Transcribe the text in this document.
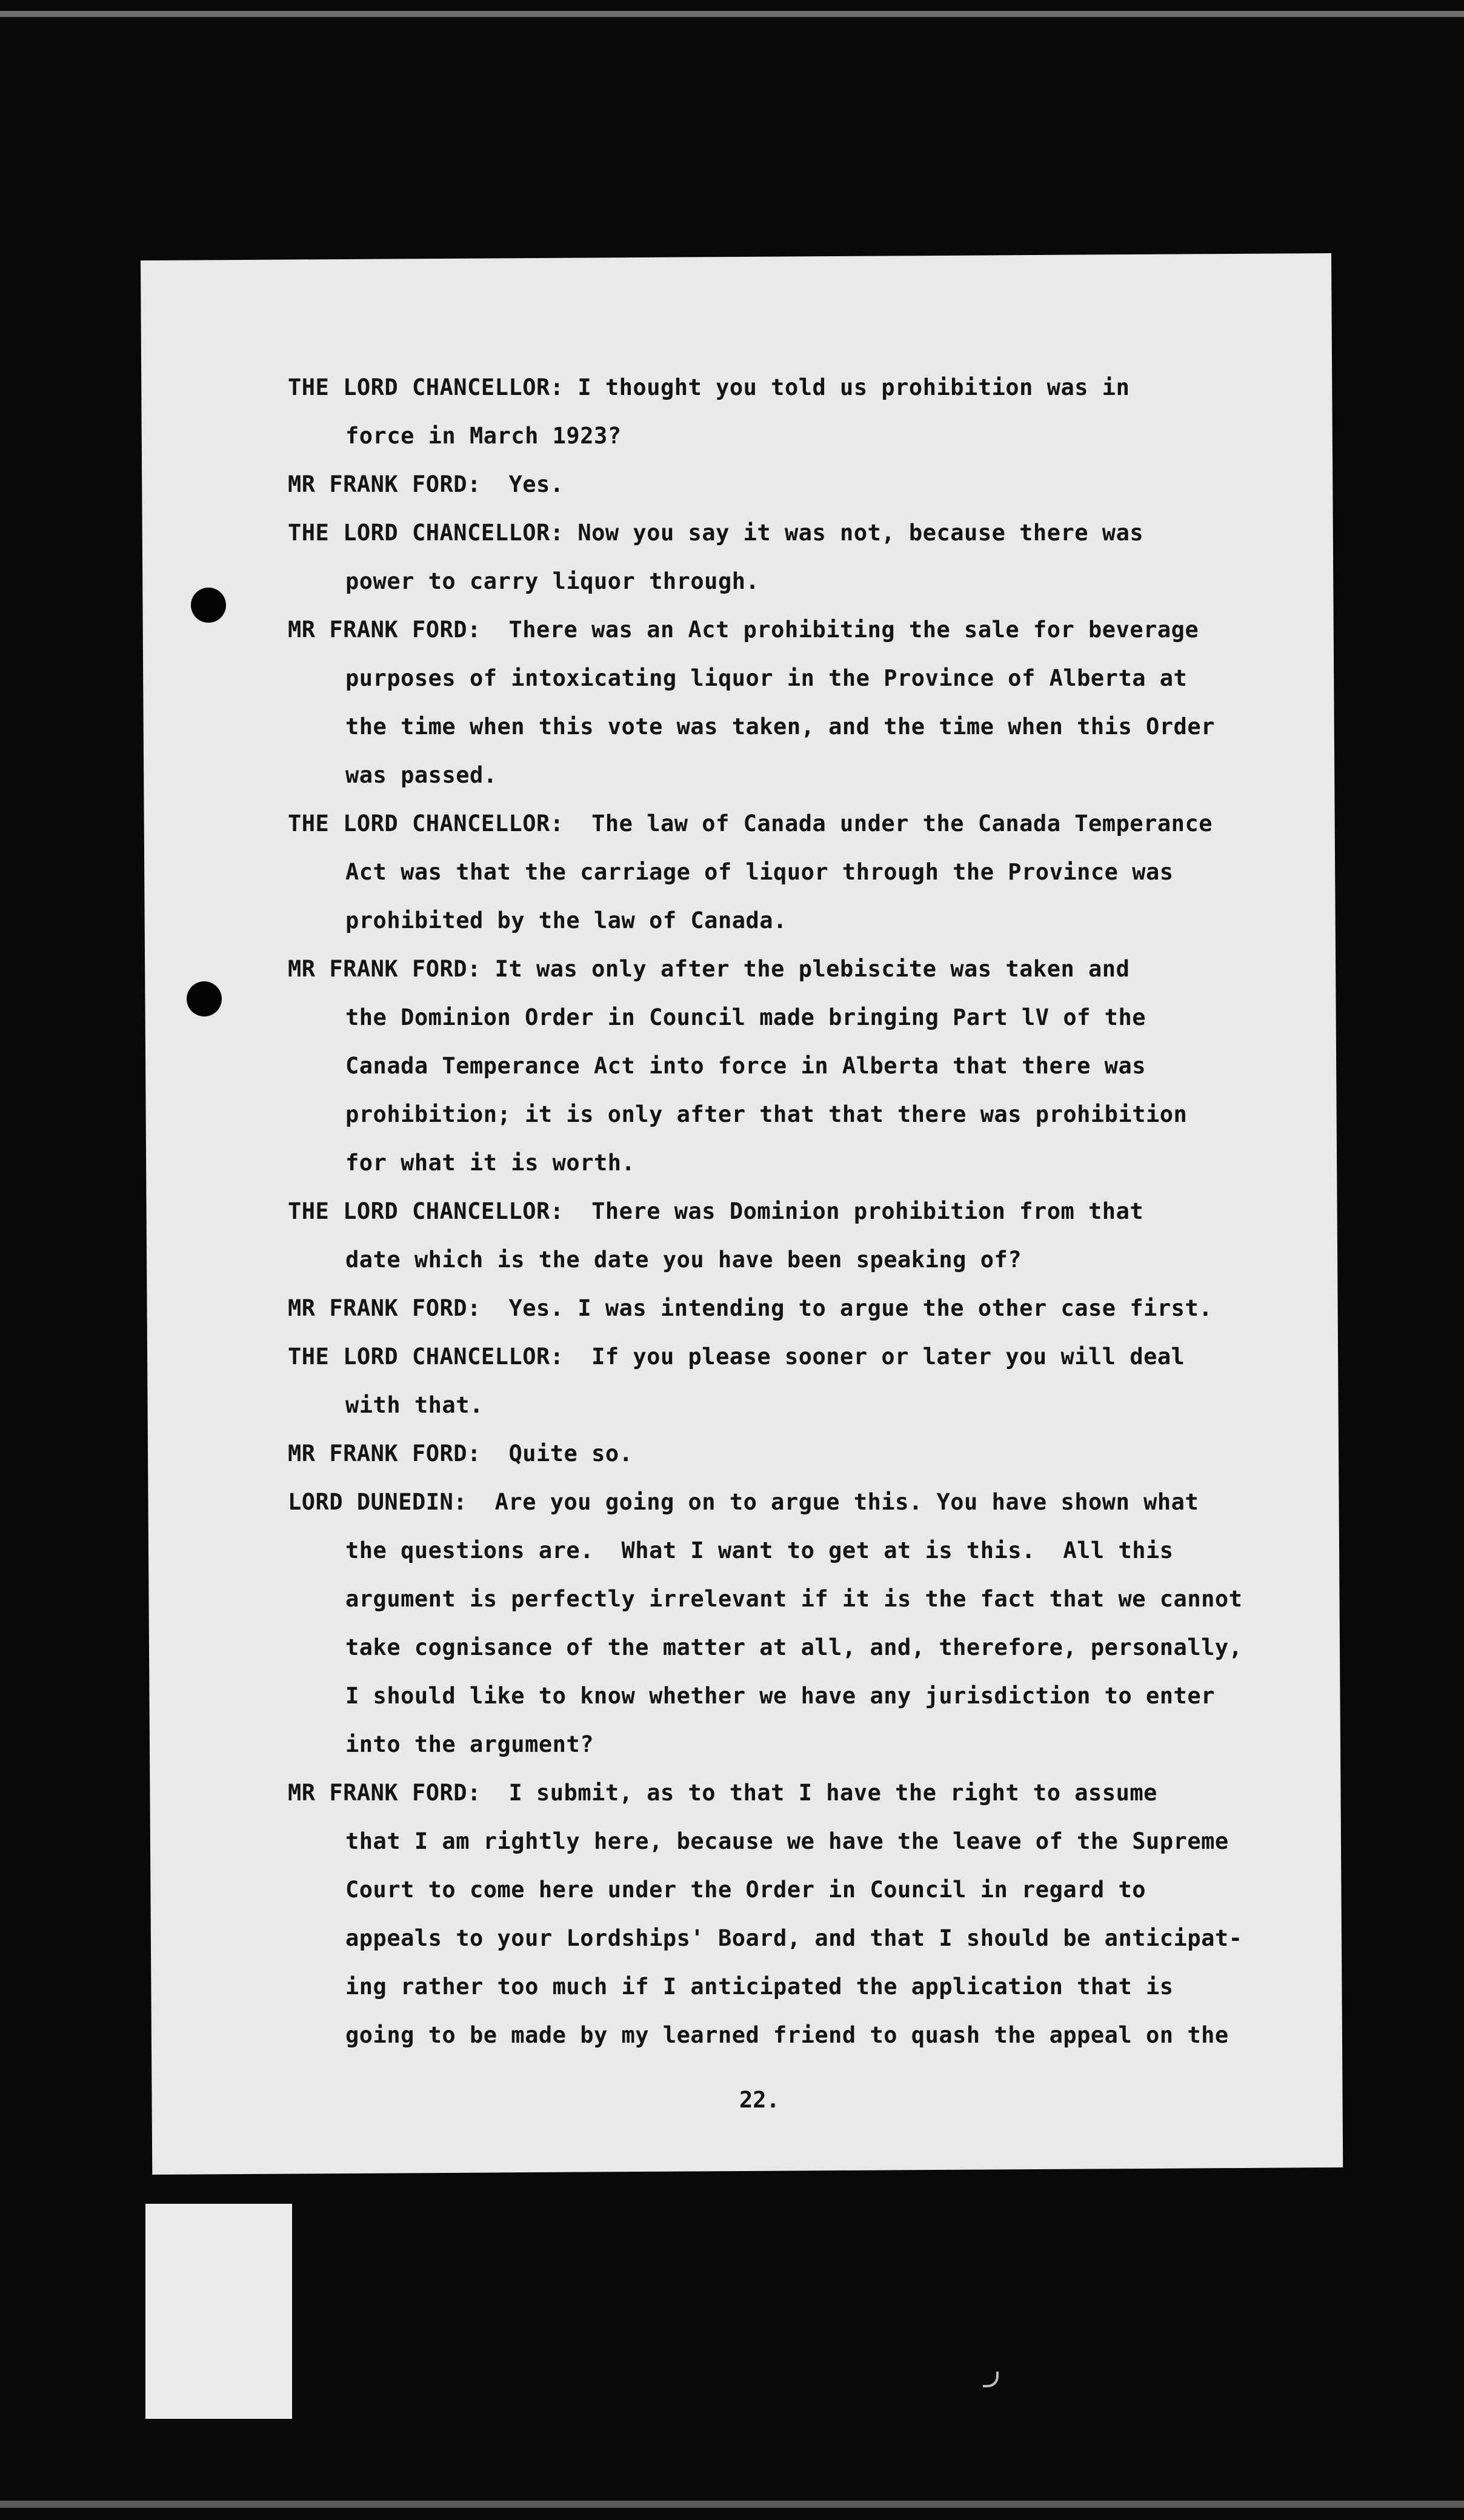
THE LORD CHANCELLOR: I thought you told us prohibition was in
force in March 1923?
MR FRANK FORD: Yes.
THE LORD CHANCELLOR: Now you say it was not, because there was
power to carry liquor through.
MR FRANK FORD: There was an Act prohibiting the sale for beverage
purposes of intoxicating liquor in the Province of Alberta at
the time when this vote was taken, and the time when this Order
was passed.
THE LORD CHANCELLOR: The law of Canada under the Canada Temperance
Act was that the carriage of liquor through the Province was
prohibited by the law of Canada.
MR FRANK FORD: It was only after the plebiscite was taken and
the Dominion Order in Council made bringing Part lV of the
Canada Temperance Act into force in Alberta that there was
prohibition; it is only after that that there was prohibition
for what it is worth.
THE LORD CHANCELLOR: There was Dominion prohibition from that
date which is the date you have been speaking of?
MR FRANK FORD: Yes. I was intending to argue the other case first.
THE LORD CHANCELLOR: If you please sooner or later you will deal
with that.
MR FRANK FORD: Quite so.
LORD DUNEDIN: Are you going on to argue this. You have shown what
the questions are.  What I want to get at is this.  All this
argument is perfectly irrelevant if it is the fact that we cannot
take cognisance of the matter at all, and, therefore, personally,
I should like to know whether we have any jurisdiction to enter
into the argument?
MR FRANK FORD: I submit, as to that I have the right to assume
that I am rightly here, because we have the leave of the Supreme
Court to come here under the Order in Council in regard to
appeals to your Lordships' Board, and that I should be anticipat-
ing rather too much if I anticipated the application that is
going to be made by my learned friend to quash the appeal on the
22.
